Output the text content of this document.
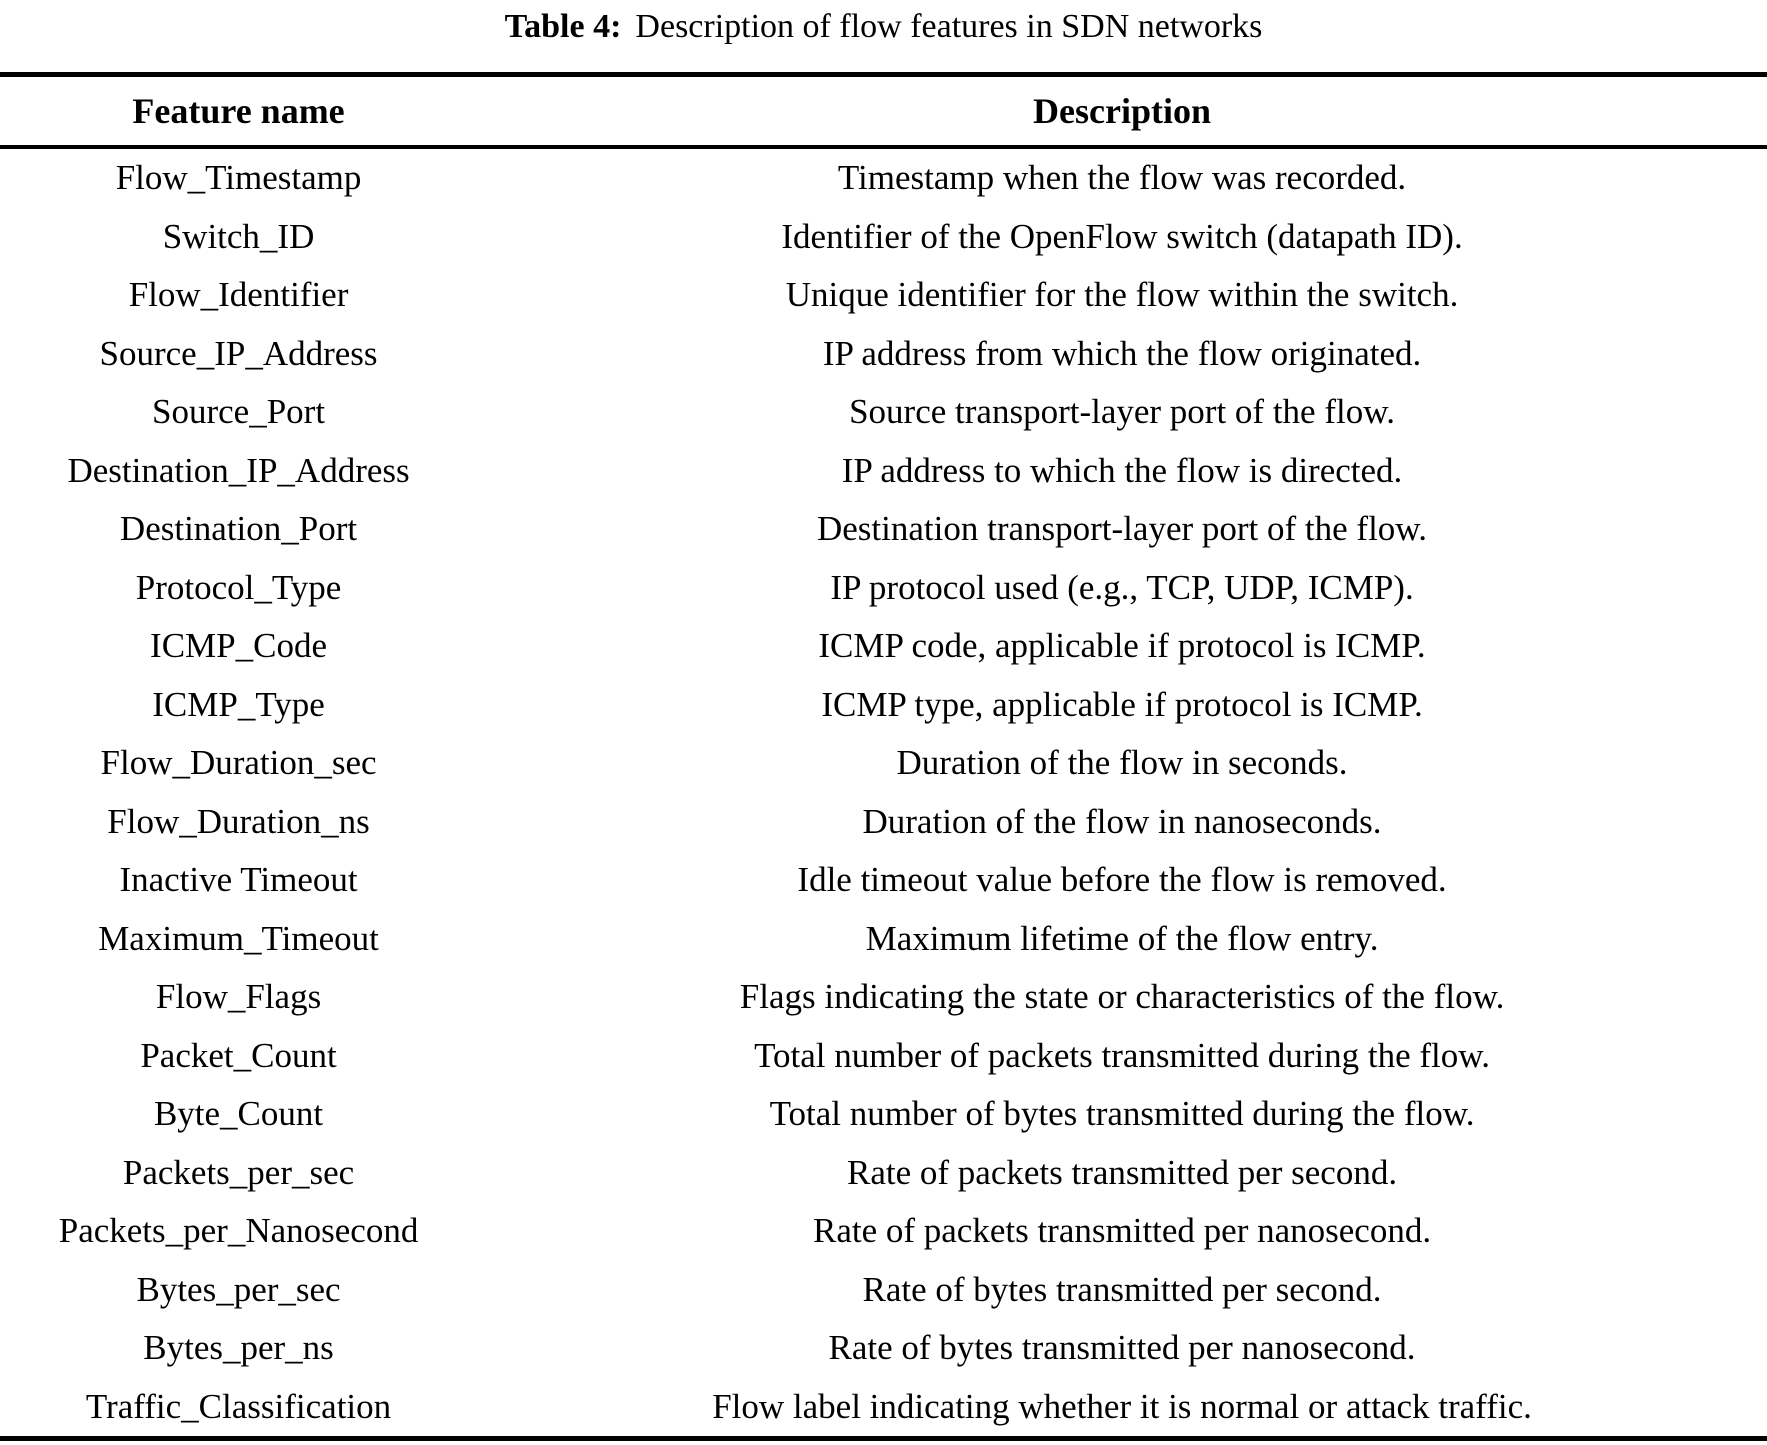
Table 4: Description of flow features in SDN networks
Feature name	Description
Flow_Timestamp	Timestamp when the flow was recorded.
Switch_ID	Identifier of the OpenFlow switch (datapath ID).
Flow_Identifier	Unique identifier for the flow within the switch.
Source_IP_Address	IP address from which the flow originated.
Source_Port	Source transport-layer port of the flow.
Destination_IP_Address	IP address to which the flow is directed.
Destination_Port	Destination transport-layer port of the flow.
Protocol_Type	IP protocol used (e.g., TCP, UDP, ICMP).
ICMP_Code	ICMP code, applicable if protocol is ICMP.
ICMP_Type	ICMP type, applicable if protocol is ICMP.
Flow_Duration_sec	Duration of the flow in seconds.
Flow_Duration_ns	Duration of the flow in nanoseconds.
Inactive Timeout	Idle timeout value before the flow is removed.
Maximum_Timeout	Maximum lifetime of the flow entry.
Flow_Flags	Flags indicating the state or characteristics of the flow.
Packet_Count	Total number of packets transmitted during the flow.
Byte_Count	Total number of bytes transmitted during the flow.
Packets_per_sec	Rate of packets transmitted per second.
Packets_per_Nanosecond	Rate of packets transmitted per nanosecond.
Bytes_per_sec	Rate of bytes transmitted per second.
Bytes_per_ns	Rate of bytes transmitted per nanosecond.
Traffic_Classification	Flow label indicating whether it is normal or attack traffic.
